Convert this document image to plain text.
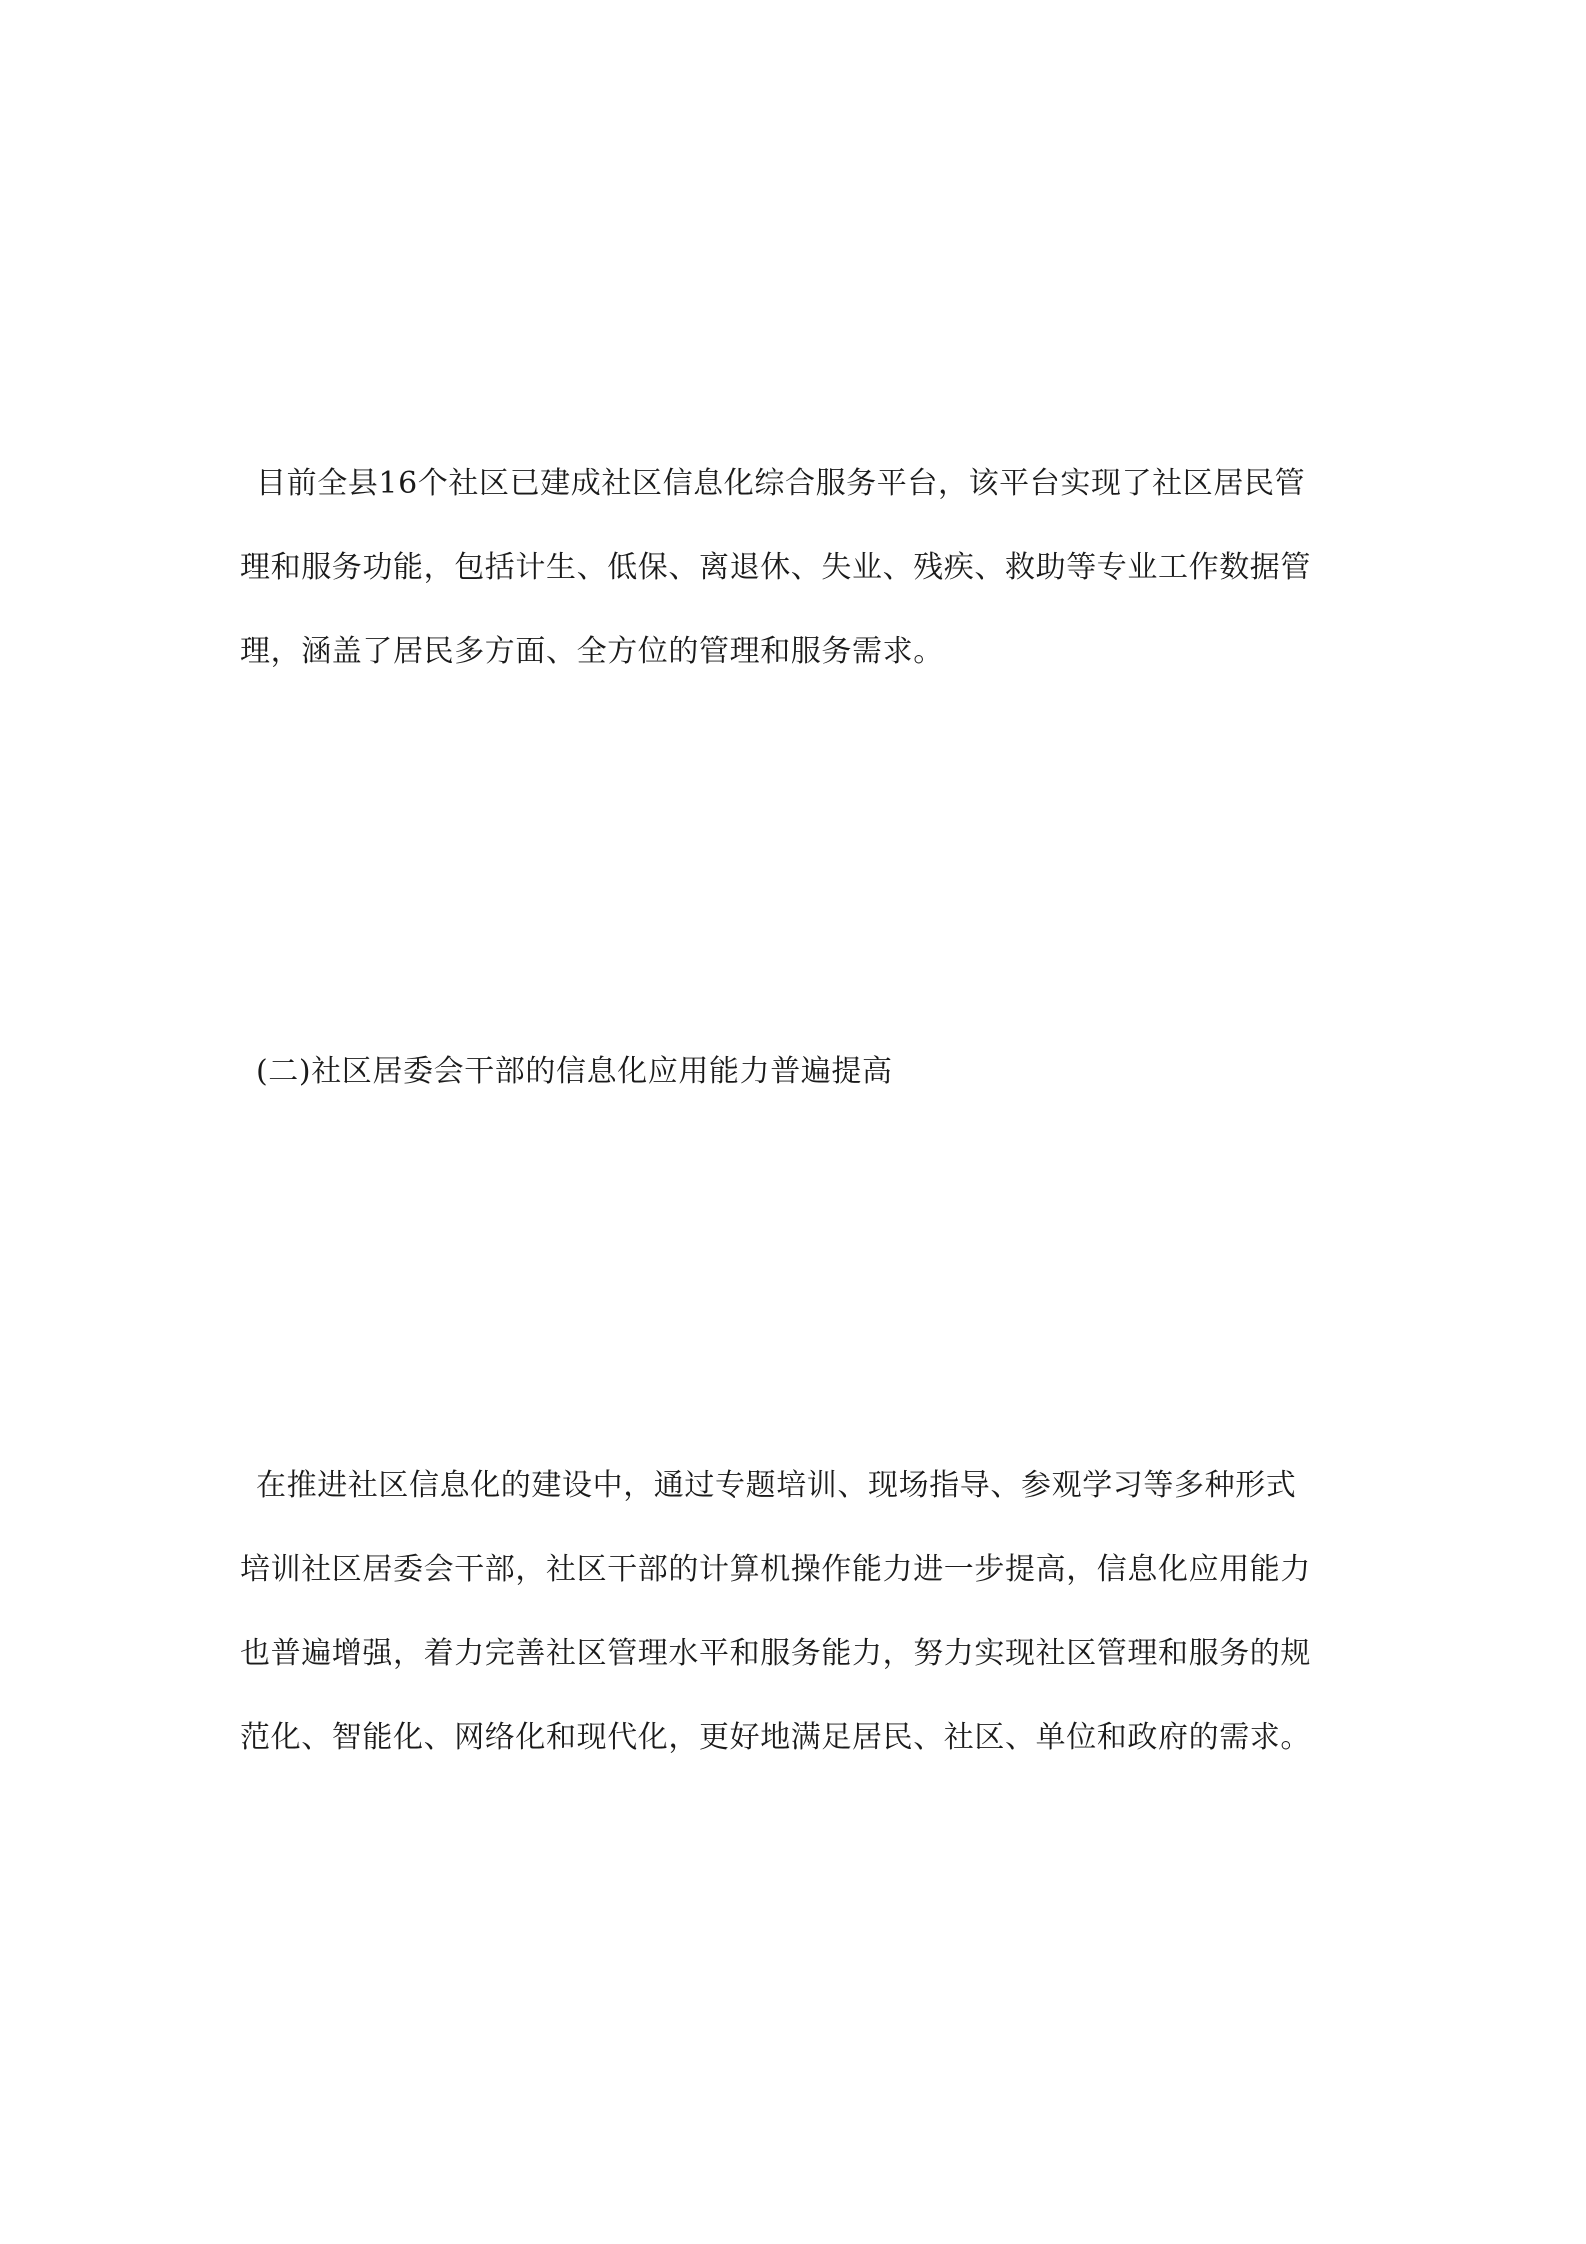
目前全县16个社区已建成社区信息化综合服务平台，该平台实现了社区居民管
理和服务功能，包括计生、低保、离退休、失业、残疾、救助等专业工作数据管
理，涵盖了居民多方面、全方位的管理和服务需求。
(二)社区居委会干部的信息化应用能力普遍提高
在推进社区信息化的建设中，通过专题培训、现场指导、参观学习等多种形式
培训社区居委会干部，社区干部的计算机操作能力进一步提高，信息化应用能力
也普遍增强，着力完善社区管理水平和服务能力，努力实现社区管理和服务的规
范化、智能化、网络化和现代化，更好地满足居民、社区、单位和政府的需求。
